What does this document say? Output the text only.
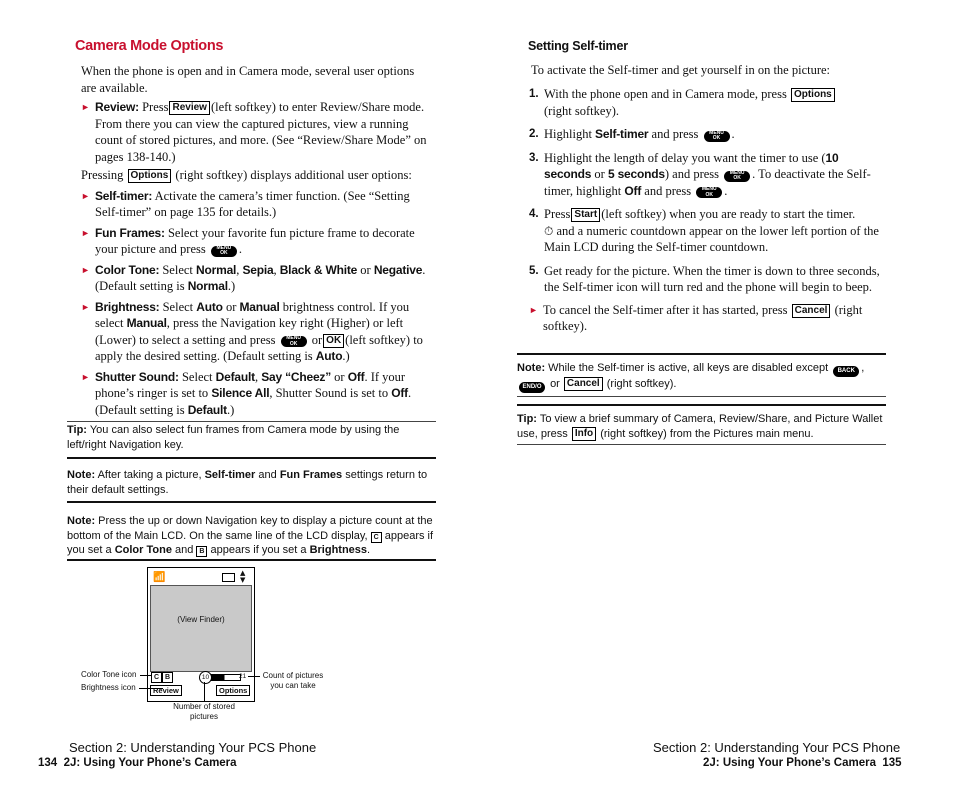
Camera Mode Options
When the phone is open and in Camera mode, several user options are available.
► Review: Press Review (left softkey) to enter Review/Share mode. From there you can view the captured pictures, view a running count of stored pictures, and more. (See “Review/Share Mode” on pages 138-140.)
Pressing Options (right softkey) displays additional user options:
► Self-timer: Activate the camera’s timer function. (See “Setting Self-timer” on page 135 for details.)
► Fun Frames: Select your favorite fun picture frame to decorate your picture and press MENU
OK .
► Color Tone: Select Normal, Sepia, Black & White or Negative. (Default setting is Normal.)
► Brightness: Select Auto or Manual brightness control. If you select Manual, press the Navigation key right (Higher) or left (Lower) to select a setting and press MENU
OK or OK (left softkey) to apply the desired setting. (Default setting is Auto.)
► Shutter Sound: Select Default, Say “Cheez” or Off. If your phone’s ringer is set to Silence All, Shutter Sound is set to Off. (Default setting is Default.)
Tip: You can also select fun frames from Camera mode by using the left/right Navigation key.
Note: After taking a picture, Self-timer and Fun Frames settings return to their default settings.
Note: Press the up or down Navigation key to display a picture count at the bottom of the Main LCD. On the same line of the LCD display, C appears if you set a Color Tone and B appears if you set a Brightness.
📶	▲
▼
(View Finder)
C B	10	21
Review	Options
Color Tone icon
Brightness icon
Count of pictures you can take
Number of stored pictures
Section 2: Understanding Your PCS Phone
134 2J: Using Your Phone’s Camera
Setting Self-timer
To activate the Self-timer and get yourself in on the picture:
1. With the phone open and in Camera mode, press Options
(right softkey).
2. Highlight Self-timer and press MENU
OK .
3. Highlight the length of delay you want the timer to use (10 seconds or 5 seconds) and press MENU
OK . To deactivate the Self-timer, highlight Off and press MENU
OK .
4. Press Start (left softkey) when you are ready to start the timer.
⏱ and a numeric countdown appear on the lower left portion of the Main LCD during the Self-timer countdown.
5. Get ready for the picture. When the timer is down to three seconds, the Self-timer icon will turn red and the phone will begin to beep.
► To cancel the Self-timer after it has started, press Cancel (right softkey).
Note: While the Self-timer is active, all keys are disabled except BACK ,
END/O or Cancel (right softkey).
Tip: To view a brief summary of Camera, Review/Share, and Picture Wallet use, press Info (right softkey) from the Pictures main menu.
Section 2: Understanding Your PCS Phone
2J: Using Your Phone’s Camera 135
